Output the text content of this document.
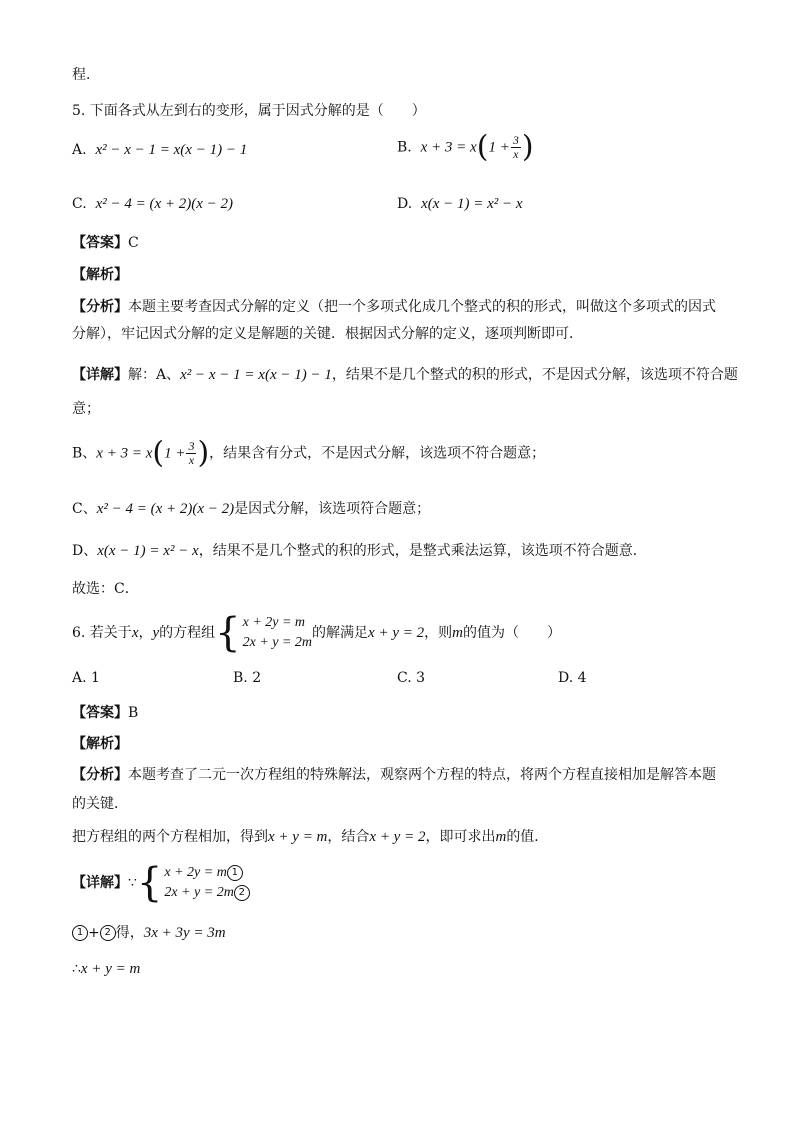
程．
5. 下面各式从左到右的变形，属于因式分解的是（　　）
A. x² − x − 1 = x(x − 1) − 1	B. $x + 3 = x(1 + \frac{3}{x}$ )
C. x² − 4 = (x + 2)(x − 2)	D. x(x − 1) = x² − x
【答案】C
【解析】
【分析】本题主要考查因式分解的定义（把一个多项式化成几个整式的积的形式，叫做这个多项式的因式
分解），牢记因式分解的定义是解题的关键．根据因式分解的定义，逐项判断即可．
【详解】解：A、x² − x − 1 = x(x − 1) − 1，结果不是几个整式的积的形式，不是因式分解，该选项不符合题
意；
B、$x + 3 = x(1 + \frac{3}{x}$ )，结果含有分式，不是因式分解，该选项不符合题意；
C、x² − 4 = (x + 2)(x − 2)是因式分解，该选项符合题意；
D、x(x − 1) = x² − x，结果不是几个整式的积的形式，是整式乘法运算，该选项不符合题意．
故选：C．
6. 若关于x，y的方程组 { x + 2y = m
2x + y = 2m
的解满足x + y = 2，则m的值为（　　）
A. 1	B. 2	C. 3	D. 4
【答案】B
【解析】
【分析】本题考查了二元一次方程组的特殊解法，观察两个方程的特点，将两个方程直接相加是解答本题
的关键．
把方程组的两个方程相加，得到x + y = m，结合x + y = 2，即可求出m的值．
【详解】∵ { x + 2y = m 1
2x + y = 2m 2
1 + 2 得，3x + 3y = 3m
∴x + y = m
